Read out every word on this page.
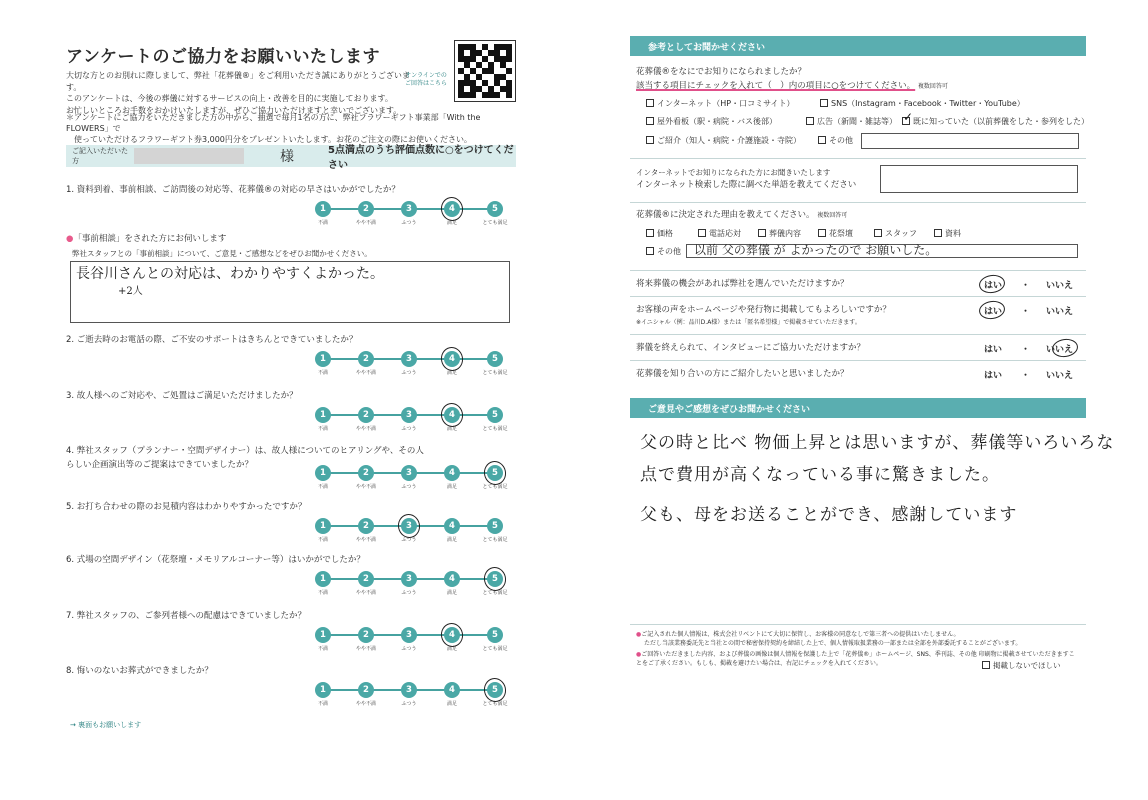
アンケートのご協力をお願いいたします
大切な方とのお別れに際しまして、弊社「花葬儀®」をご利用いただき誠にありがとうございます。
このアンケートは、今後の葬儀に対するサービスの向上・改善を目的に実施しております。
お忙しいところお手数をおかけいたしますが、ぜひご協力いただけますと幸いでございます。
オンラインでのご回答はこちら
＊アンケートにご協力をいただきました方の中から、抽選で毎月1名の方に、弊社フラワーギフト事業部「With the FLOWERS」で
使っていただけるフラワーギフト券3,000円分をプレゼントいたします。お花のご注文の際にお使いください。
ご記入いただいた方	様	5点満点のうち評価点数に○をつけてください
●「事前相談」をされた方にお伺いします
弊社スタッフとの「事前相談」について、ご意見・ご感想などをぜひお聞かせください。
長谷川さんとの対応は、わかりやすくよかった。
+2人
1. 資料到着、事前相談、ご訪問後の対応等、花葬儀®の対応の早さはいかがでしたか？
1
不満
2
やや不満
3
ふつう
4
満足
5
とても満足
2. ご逝去時のお電話の際、ご不安のサポートはきちんとできていましたか？
1
不満
2
やや不満
3
ふつう
4
満足
5
とても満足
3. 故人様へのご対応や、ご処置はご満足いただけましたか？
1
不満
2
やや不満
3
ふつう
4
満足
5
とても満足
4. 弊社スタッフ（プランナー・空間デザイナー）は、故人様についてのヒアリングや、その人らしい企画演出等のご提案はできていましたか？
1
不満
2
やや不満
3
ふつう
4
満足
5
とても満足
5. お打ち合わせの際のお見積内容はわかりやすかったですか？
1
不満
2
やや不満
3
ふつう
4
満足
5
とても満足
6. 式場の空間デザイン（花祭壇・メモリアルコーナー等）はいかがでしたか？
1
不満
2
やや不満
3
ふつう
4
満足
5
とても満足
7. 弊社スタッフの、ご参列者様への配慮はできていましたか？
1
不満
2
やや不満
3
ふつう
4
満足
5
とても満足
8. 悔いのないお葬式ができましたか？
1
不満
2
やや不満
3
ふつう
4
満足
5
とても満足
→ 裏面もお願いします
参考としてお聞かせください
花葬儀®をなにでお知りになられましたか？
該当する項目にチェックを入れて（　）内の項目に○をつけてください。 複数回答可
インターネット（HP・口コミサイト）	SNS（Instagram・Facebook・Twitter・YouTube）
屋外看板（駅・病院・バス後部）	広告（新聞・雑誌等）	既に知っていた（以前葬儀をした・参列をした）
✓
ご紹介（知人・病院・介護施設・寺院）	その他
インターネットでお知りになられた方にお聞きいたします
インターネット検索した際に調べた単語を教えてください
花葬儀®に決定された理由を教えてください。 複数回答可
価格	電話応対	葬儀内容	花祭壇	スタッフ	資料
その他 以前 父の葬儀 が よかったので お願いした。
将来葬儀の機会があれば弊社を選んでいただけますか？	はい ・ いいえ
お客様の声をホームページや発行物に掲載してもよろしいですか？
※イニシャル（例：品川D.A様）または「匿名希望様」で掲載させていただきます。
はい ・ いいえ
葬儀を終えられて、インタビューにご協力いただけますか？	はい ・ いいえ
花葬儀を知り合いの方にご紹介したいと思いましたか？	はい ・ いいえ
ご意見やご感想をぜひお聞かせください
父の時と比べ 物価上昇とは思いますが、葬儀等いろいろな
点で費用が高くなっている事に驚きました。
父も、母をお送ることができ、感謝しています
●ご記入された個人情報は、株式会社リベントにて大切に保管し、お客様の同意なしで第三者への提供はいたしません。
ただし当該業務委託先と当社との間で秘密保持契約を締結した上で、個人情報取扱業務の一部または全部を外部委託することがございます。
●ご回答いただきました内容、および葬儀の画像は個人情報を保護した上で「花葬儀®」ホームページ、SNS、季刊誌、その他 印刷物に掲載させていただきますことをご了承ください。もしも、掲載を避けたい場合は、右記にチェックを入れてください。	掲載しないでほしい
